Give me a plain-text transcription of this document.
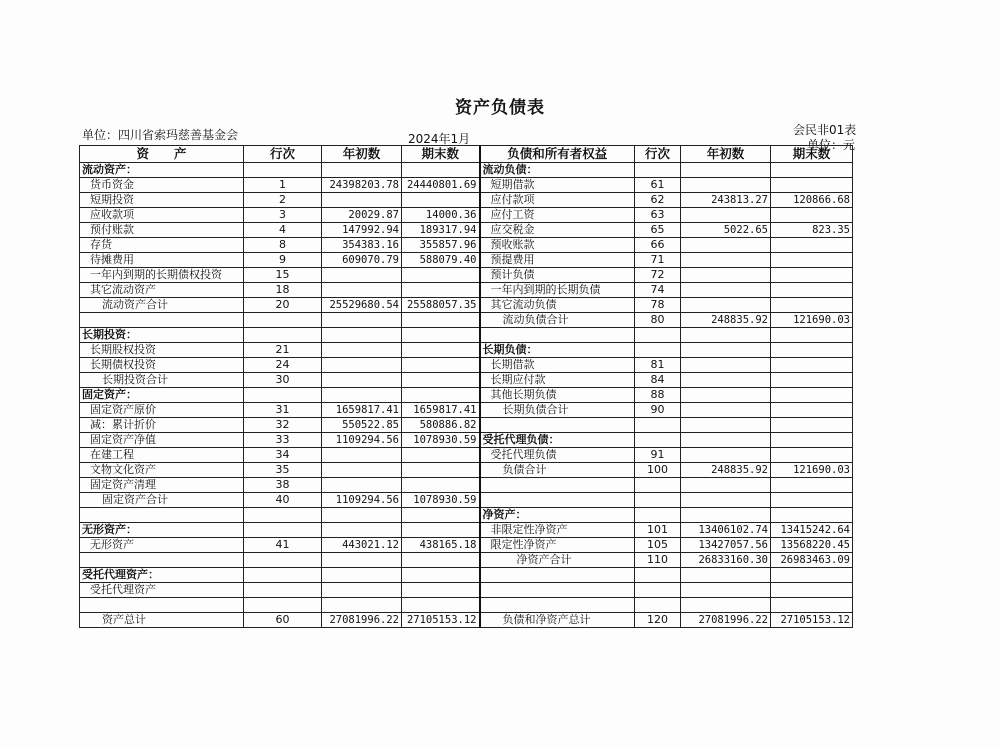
资产负债表
单位：四川省索玛慈善基金会	2024年1月
会民非01表
单位：元
资　　产	行次	年初数	期末数	负债和所有者权益	行次	年初数	期末数
流动资产：				流动负债：			
货币资金	1	24398203.78	24440801.69	短期借款	61		
短期投资	2			应付款项	62	243813.27	120866.68
应收款项	3	20029.87	14000.36	应付工资	63		
预付账款	4	147992.94	189317.94	应交税金	65	5022.65	823.35
存货	8	354383.16	355857.96	预收账款	66		
待摊费用	9	609070.79	588079.40	预提费用	71		
一年内到期的长期债权投资	15			预计负债	72		
其它流动资产	18			一年内到期的长期负债	74		
流动资产合计	20	25529680.54	25588057.35	其它流动负债	78		
				流动负债合计	80	248835.92	121690.03
长期投资：							
长期股权投资	21			长期负债：			
长期债权投资	24			长期借款	81		
长期投资合计	30			长期应付款	84		
固定资产：				其他长期负债	88		
固定资产原价	31	1659817.41	1659817.41	长期负债合计	90		
减：累计折价	32	550522.85	580886.82				
固定资产净值	33	1109294.56	1078930.59	受托代理负债：			
在建工程	34			受托代理负债	91		
文物文化资产	35			负债合计	100	248835.92	121690.03
固定资产清理	38						
固定资产合计	40	1109294.56	1078930.59				
				净资产：			
无形资产：				非限定性净资产	101	13406102.74	13415242.64
无形资产	41	443021.12	438165.18	限定性净资产	105	13427057.56	13568220.45
				净资产合计	110	26833160.30	26983463.09
受托代理资产：							
受托代理资产							

资产总计	60	27081996.22	27105153.12	负债和净资产总计	120	27081996.22	27105153.12
